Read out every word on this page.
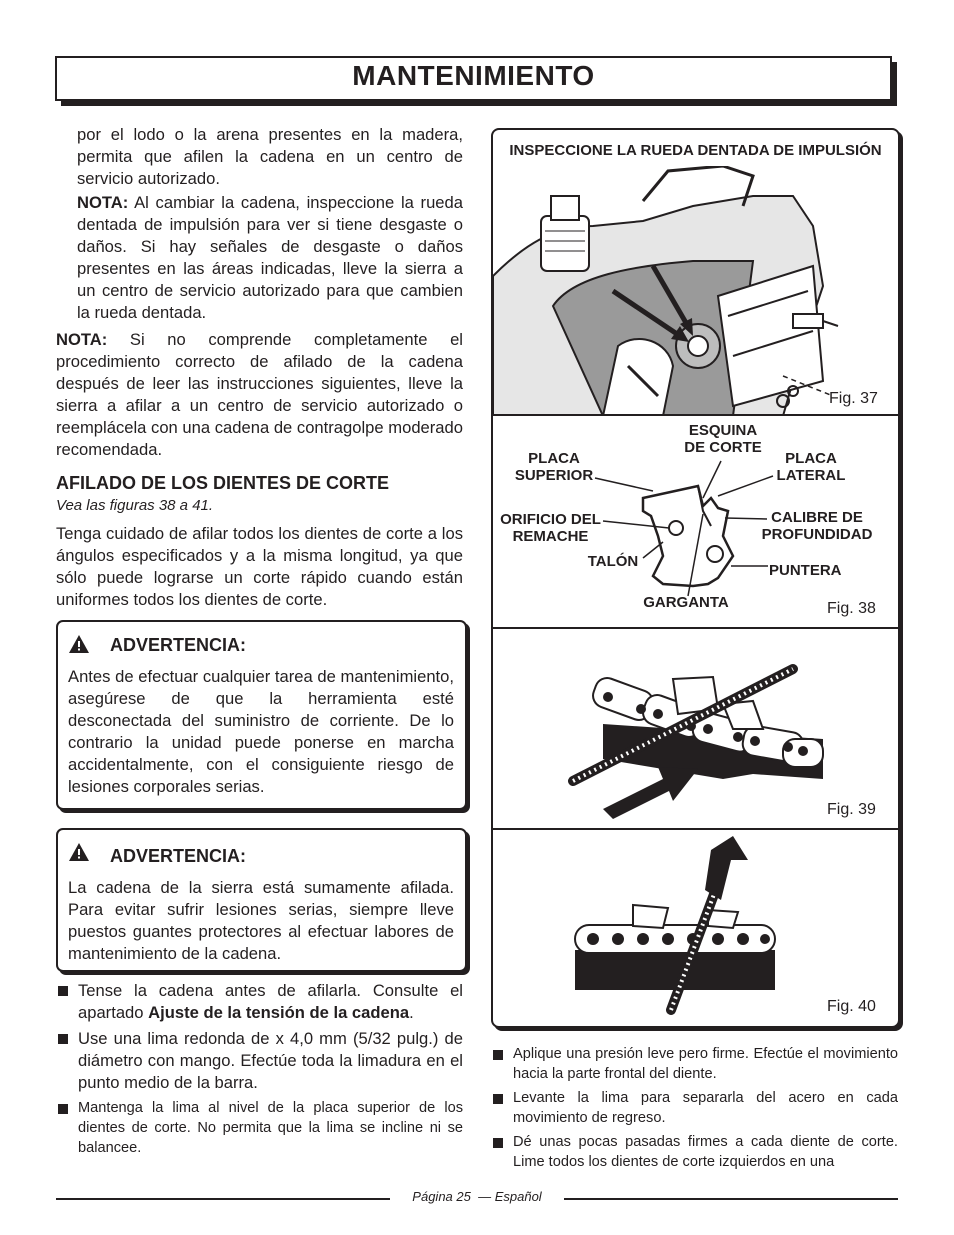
MANTENIMIENTO
por el lodo o la arena presentes en la madera, permita que afilen la cadena en un centro de servicio autorizado.
NOTA: Al cambiar la cadena, inspeccione la rueda dentada de impulsión para ver si tiene desgaste o daños. Si hay señales de desgaste o daños presentes en las áreas indicadas, lleve la sierra a un centro de servicio autorizado para que cambien la rueda dentada.
NOTA: Si no comprende completamente el procedimiento correcto de afilado de la cadena después de leer las instrucciones siguientes, lleve la sierra a afilar a un centro de servicio autorizado o reemplácela con una cadena de contragolpe moderado recomendada.
AFILADO DE LOS DIENTES DE CORTE
Vea las figuras 38 a 41.
Tenga cuidado de afilar todos los dientes de corte a los ángulos especificados y a la misma longitud, ya que sólo puede lograrse un corte rápido cuando están uniformes todos los dientes de corte.
ADVERTENCIA:
Antes de efectuar cualquier tarea de mantenimiento, asegúrese de que la herramienta esté desconectada del suministro de corriente. De lo contrario la unidad puede ponerse en marcha accidentalmente, con el consiguiente riesgo de lesiones corporales serias.
ADVERTENCIA:
La cadena de la sierra está sumamente afilada. Para evitar sufrir lesiones serias, siempre lleve puestos guantes protectores al efectuar labores de mantenimiento de la cadena.
Tense la cadena antes de afilarla. Consulte el apartado Ajuste de la tensión de la cadena.
Use una lima redonda de x 4,0 mm (5/32 pulg.) de diámetro con mango. Efectúe toda la limadura en el punto medio de la barra.
Mantenga la lima al nivel de la placa superior de los dientes de corte. No permita que la lima se incline ni se balancee.
INSPECCIONE LA RUEDA DENTADA DE IMPULSIÓN
Fig. 37
PLACA
SUPERIOR
ESQUINA
DE CORTE
PLACA
LATERAL
ORIFICIO DEL
REMACHE
CALIBRE DE
PROFUNDIDAD
TALÓN
PUNTERA
GARGANTA	Fig. 38
Fig. 39
Fig. 40
Aplique una presión leve pero firme. Efectúe el movimiento hacia la parte frontal del diente.
Levante la lima para separarla del acero en cada movimiento de regreso.
Dé unas pocas pasadas firmes a cada diente de corte. Lime todos los dientes de corte izquierdos en una
Página 25 — Español
